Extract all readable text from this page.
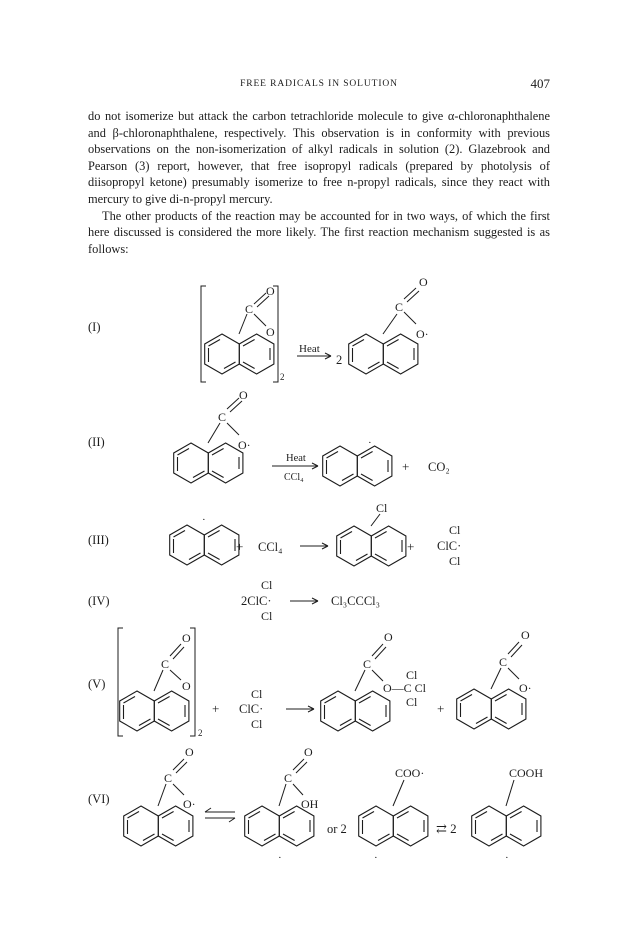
FREE RADICALS IN SOLUTION	407

do not isomerize but attack the carbon tetrachloride molecule to give α-chloronaphthalene and β-chloronaphthalene, respectively. This observation is in conformity with previous observations on the non-isomerization of alkyl radicals in solution (2). Glazebrook and Pearson (3) report, however, that free isopropyl radicals (prepared by photolysis of diisopropyl ketone) presumably isomerize to free n-propyl radicals, since they react with mercury to give di-n-propyl mercury.

The other products of the reaction may be accounted for in two ways, of which the first here discussed is considered the more likely. The first reaction mechanism suggested is as follows:

(I)
(II)
(III)
(IV)
(V)
(VI)
C
O
O
2
Heat
2
C
O
O·
C
O
O·
Heat
CCl₄
·
+ CO₂
·
+ CCl₄
Cl
+
Cl
ClC·
Cl
Cl
2ClC·
Cl
Cl₃CCCl₃
C
O
O
2
+
Cl
ClC·
Cl
C
O
Cl
O—C Cl
Cl +
C
O
O·
C
O
O·
·
C
O
OH
or 2
·
COO·
⇄ 2
COOH
·
